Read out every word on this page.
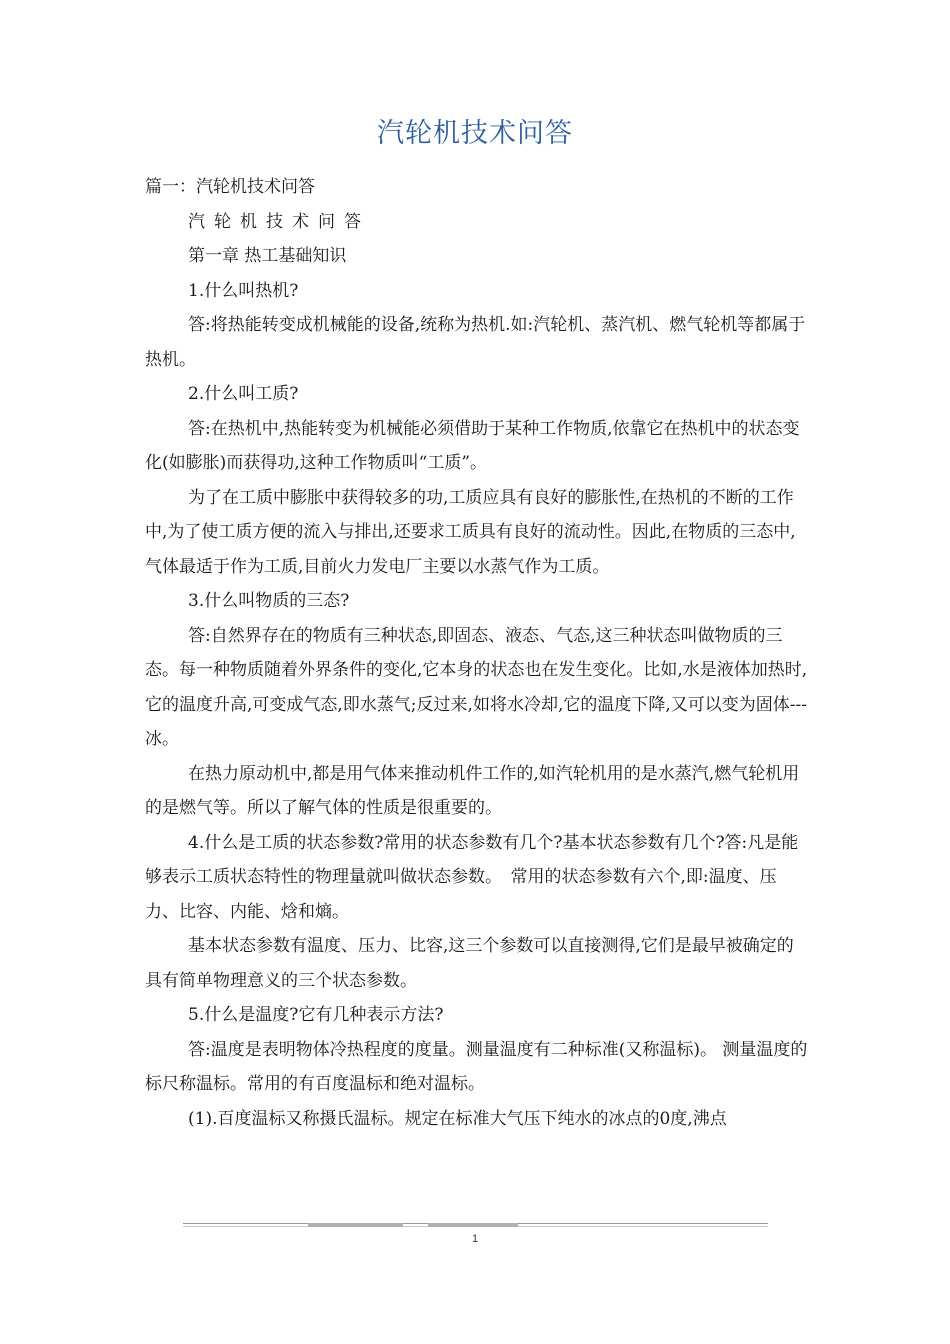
汽轮机技术问答

篇一：汽轮机技术问答

汽轮机技术问答

第一章 热工基础知识

1.什么叫热机?

答:将热能转变成机械能的设备,统称为热机.如:汽轮机、蒸汽机、燃气轮机等都属于热机。

2.什么叫工质?

答:在热机中,热能转变为机械能必须借助于某种工作物质,依靠它在热机中的状态变化(如膨胀)而获得功,这种工作物质叫“工质”。

为了在工质中膨胀中获得较多的功,工质应具有良好的膨胀性,在热机的不断的工作中,为了使工质方便的流入与排出,还要求工质具有良好的流动性。因此,在物质的三态中,气体最适于作为工质,目前火力发电厂主要以水蒸气作为工质。

3.什么叫物质的三态?

答:自然界存在的物质有三种状态,即固态、液态、气态,这三种状态叫做物质的三态。每一种物质随着外界条件的变化,它本身的状态也在发生变化。比如,水是液体加热时,它的温度升高,可变成气态,即水蒸气;反过来,如将水冷却,它的温度下降,又可以变为固体---冰。

在热力原动机中,都是用气体来推动机件工作的,如汽轮机用的是水蒸汽,燃气轮机用的是燃气等。所以了解气体的性质是很重要的。

4.什么是工质的状态参数?常用的状态参数有几个?基本状态参数有几个?答:凡是能够表示工质状态特性的物理量就叫做状态参数。　常用的状态参数有六个,即:温度、压力、比容、内能、焓和熵。

基本状态参数有温度、压力、比容,这三个参数可以直接测得,它们是最早被确定的具有简单物理意义的三个状态参数。

5.什么是温度?它有几种表示方法?

答:温度是表明物体冷热程度的度量。测量温度有二种标准(又称温标)。 测量温度的标尺称温标。常用的有百度温标和绝对温标。

(1).百度温标又称摄氏温标。规定在标准大气压下纯水的冰点的0度,沸点

1
